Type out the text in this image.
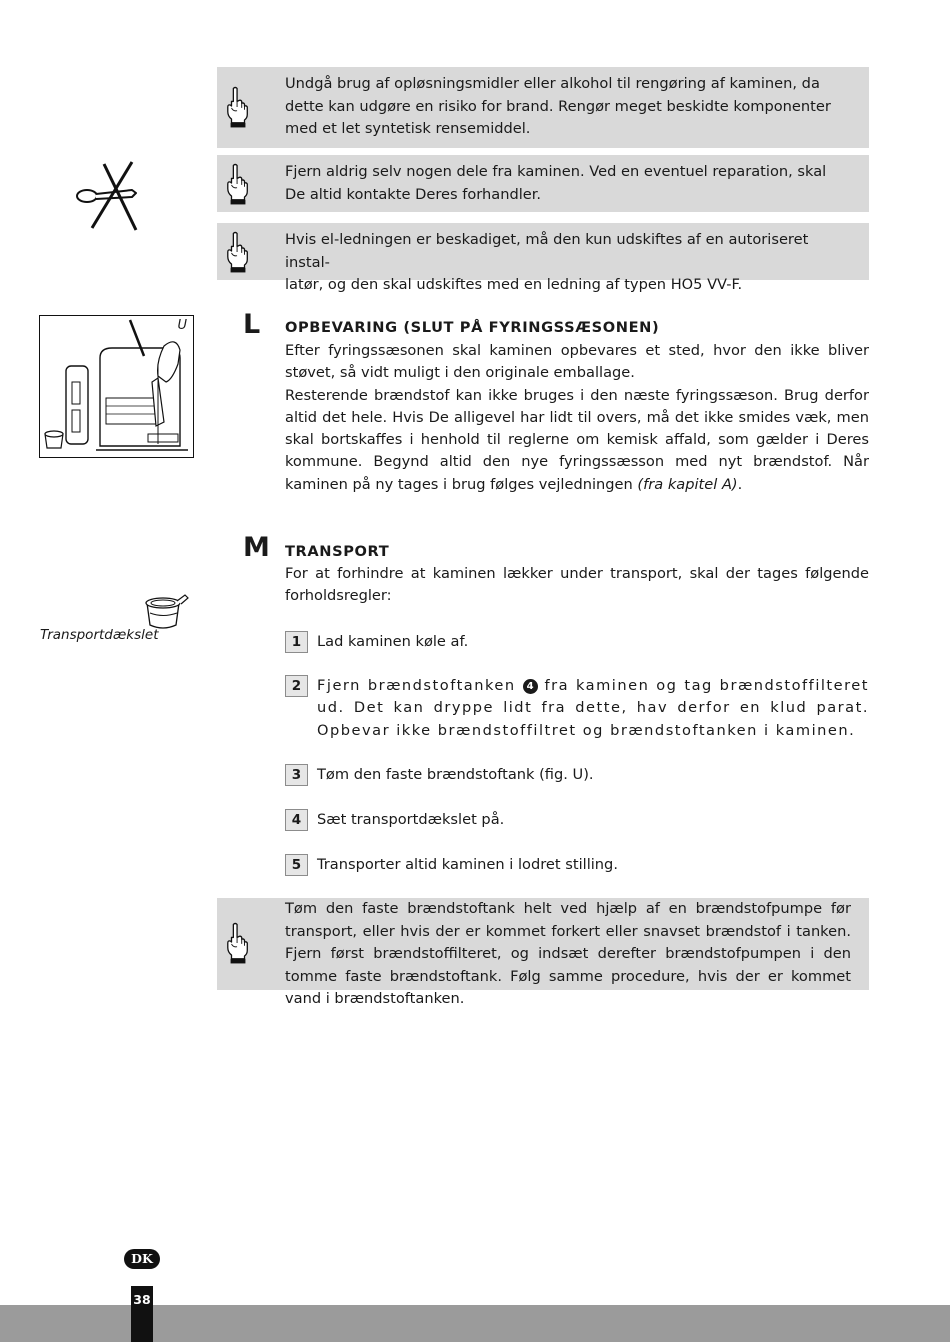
Undgå brug af opløsningsmidler eller alkohol til rengøring af kaminen, da dette kan udgøre en risiko for brand. Rengør meget beskidte komponenter med et let syntetisk rensemiddel.

Fjern aldrig selv nogen dele fra kaminen. Ved en eventuel reparation, skal De altid kontakte Deres forhandler.

Hvis el-ledningen er beskadiget, må den kun udskiftes af en autoriseret instal-
latør, og den skal udskiftes med en ledning af typen HO5 VV-F.

U L OPBEVARING (SLUT PÅ FYRINGSSÆSONEN)

Efter fyringssæsonen skal kaminen opbevares et sted, hvor den ikke bliver støvet, så vidt muligt i den originale emballage.

Resterende brændstof kan ikke bruges i den næste fyringssæson. Brug derfor altid det hele. Hvis De alligevel har lidt til overs, må det ikke smides væk, men skal bortskaffes i henhold til reglerne om kemisk affald, som gælder i Deres kommune. Begynd altid den nye fyringssæsson med nyt brændstof. Når kaminen på ny tages i brug følges vejledningen (fra kapitel A).

M TRANSPORT
For at forhindre at kaminen lækker under transport, skal der tages følgende forholdsregler:
Transportdækslet	1	Lad kaminen køle af.
2	Fjern brændstoftanken 4 fra kaminen og tag brændstoffilteret ud. Det kan dryppe lidt fra dette, hav derfor en klud parat. Opbevar ikke brændstoffiltret og brændstoftanken i kaminen.
3	Tøm den faste brændstoftank (fig. U).
4	Sæt transportdækslet på.
5	Transporter altid kaminen i lodret stilling.

Tøm den faste brændstoftank helt ved hjælp af en brændstofpumpe før transport, eller hvis der er kommet forkert eller snavset brændstof i tanken. Fjern først brændstoffilteret, og indsæt derefter brændstofpumpen i den tomme faste brændstoftank. Følg samme procedure, hvis der er kommet vand i brændstoftanken.

DK
38
